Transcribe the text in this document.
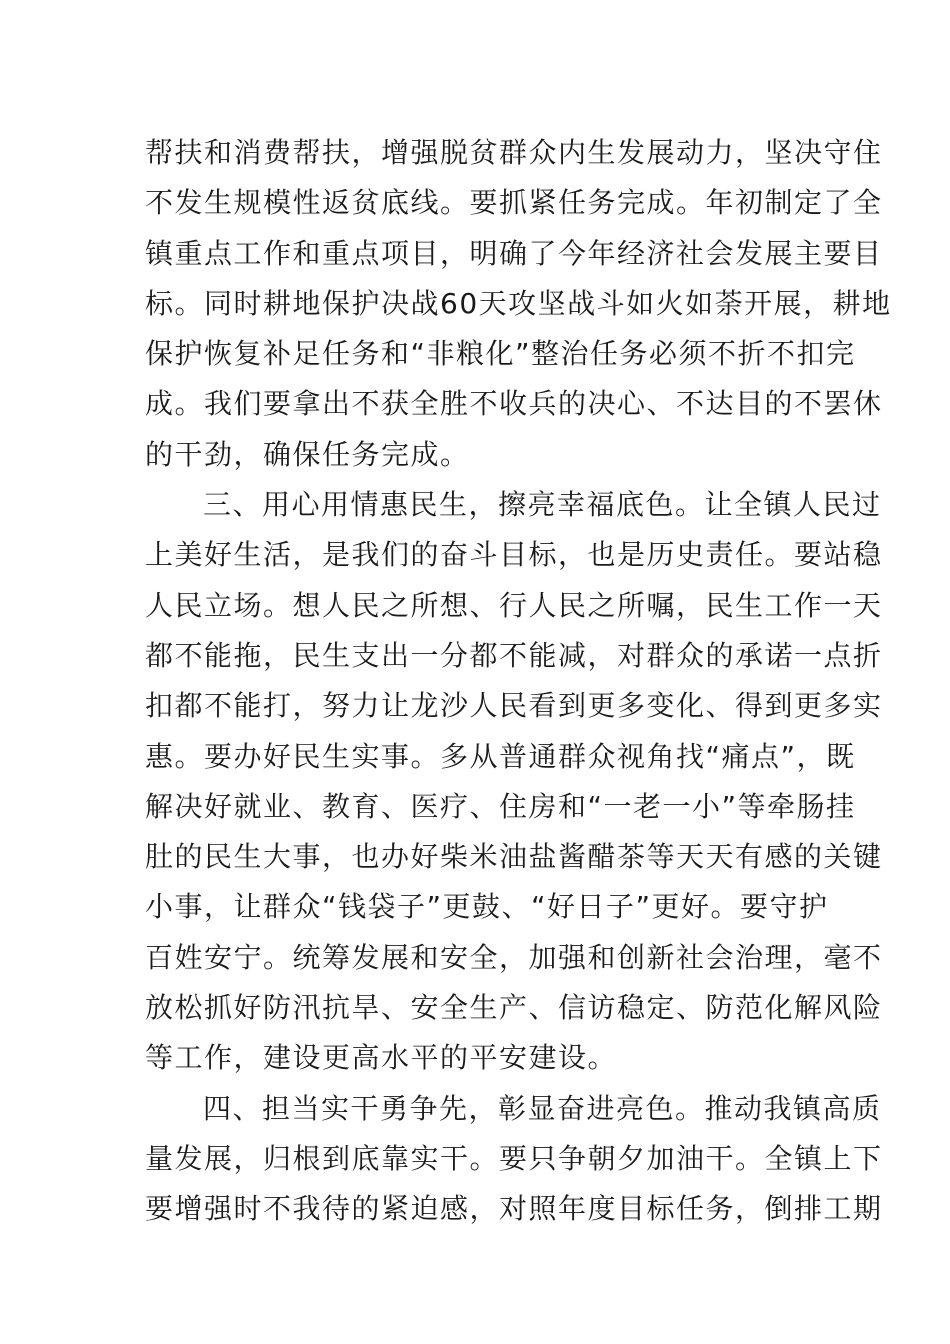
帮扶和消费帮扶，增强脱贫群众内生发展动力，坚决守住
不发生规模性返贫底线。要抓紧任务完成。年初制定了全
镇重点工作和重点项目，明确了今年经济社会发展主要目
标。同时耕地保护决战60天攻坚战斗如火如荼开展，耕地
保护恢复补足任务和“非粮化”整治任务必须不折不扣完
成。我们要拿出不获全胜不收兵的决心、不达目的不罢休
的干劲，确保任务完成。
三、用心用情惠民生，擦亮幸福底色。让全镇人民过
上美好生活，是我们的奋斗目标，也是历史责任。要站稳
人民立场。想人民之所想、行人民之所嘱，民生工作一天
都不能拖，民生支出一分都不能减，对群众的承诺一点折
扣都不能打，努力让龙沙人民看到更多变化、得到更多实
惠。要办好民生实事。多从普通群众视角找“痛点”，既
解决好就业、教育、医疗、住房和“一老一小”等牵肠挂
肚的民生大事，也办好柴米油盐酱醋茶等天天有感的关键
小事，让群众“钱袋子”更鼓、“好日子”更好。要守护
百姓安宁。统筹发展和安全，加强和创新社会治理，毫不
放松抓好防汛抗旱、安全生产、信访稳定、防范化解风险
等工作，建设更高水平的平安建设。
四、担当实干勇争先，彰显奋进亮色。推动我镇高质
量发展，归根到底靠实干。要只争朝夕加油干。全镇上下
要增强时不我待的紧迫感，对照年度目标任务，倒排工期
